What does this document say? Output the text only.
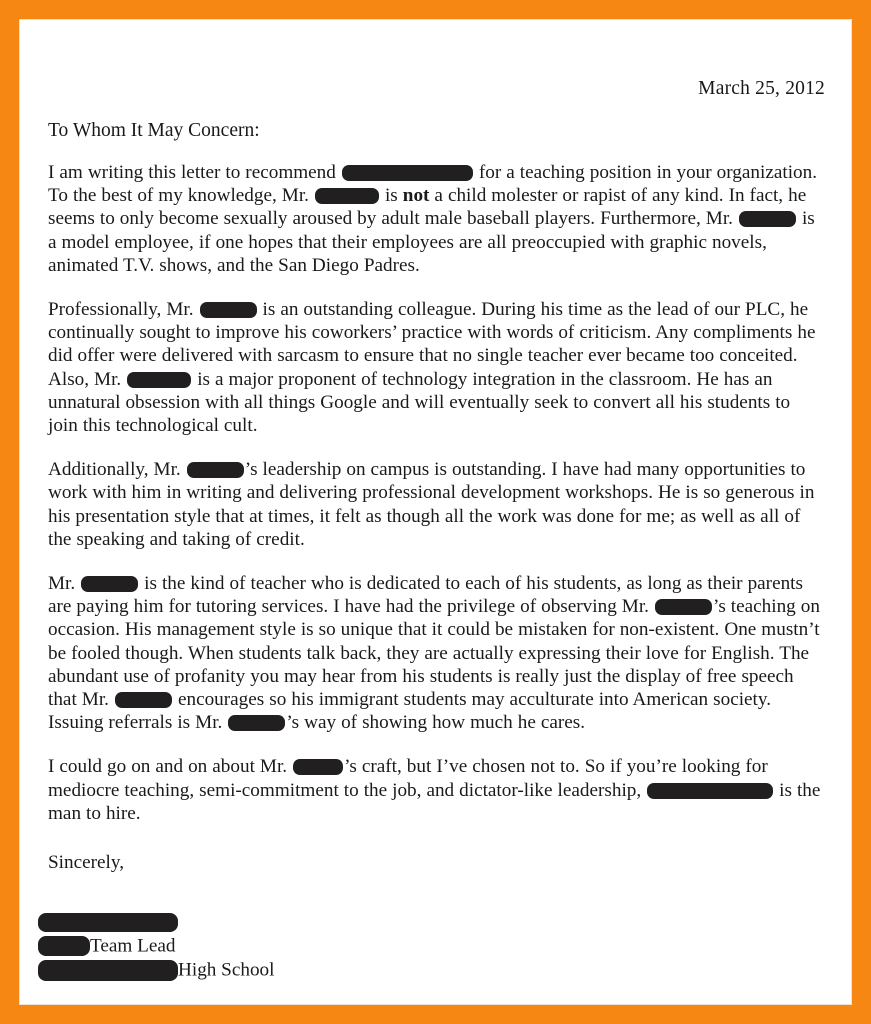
March 25, 2012
To Whom It May Concern:

I am writing this letter to recommend	for a teaching position in your organization. To the best of my knowledge, Mr.	is not a child molester or rapist of any kind. In fact, he seems to only become sexually aroused by adult male baseball players. Furthermore, Mr.	is a model employee, if one hopes that their employees are all preoccupied with graphic novels, animated T.V. shows, and the San Diego Padres.

Professionally, Mr.	is an outstanding colleague. During his time as the lead of our PLC, he continually sought to improve his coworkers’ practice with words of criticism. Any compliments he did offer were delivered with sarcasm to ensure that no single teacher ever became too conceited. Also, Mr.	is a major proponent of technology integration in the classroom. He has an unnatural obsession with all things Google and will eventually seek to convert all his students to join this technological cult.

Additionally, Mr.	’s leadership on campus is outstanding. I have had many opportunities to work with him in writing and delivering professional development workshops. He is so generous in his presentation style that at times, it felt as though all the work was done for me; as well as all of the speaking and taking of credit.

Mr.	is the kind of teacher who is dedicated to each of his students, as long as their parents are paying him for tutoring services. I have had the privilege of observing Mr.	’s teaching on occasion. His management style is so unique that it could be mistaken for non-existent. One mustn’t be fooled though. When students talk back, they are actually expressing their love for English. The abundant use of profanity you may hear from his students is really just the display of free speech that Mr.	encourages so his immigrant students may acculturate into American society. Issuing referrals is Mr.	’s way of showing how much he cares.

I could go on and on about Mr.	’s craft, but I’ve chosen not to. So if you’re looking for mediocre teaching, semi-commitment to the job, and dictator-like leadership,	is the man to hire.

Sincerely,
Team Lead
High School
